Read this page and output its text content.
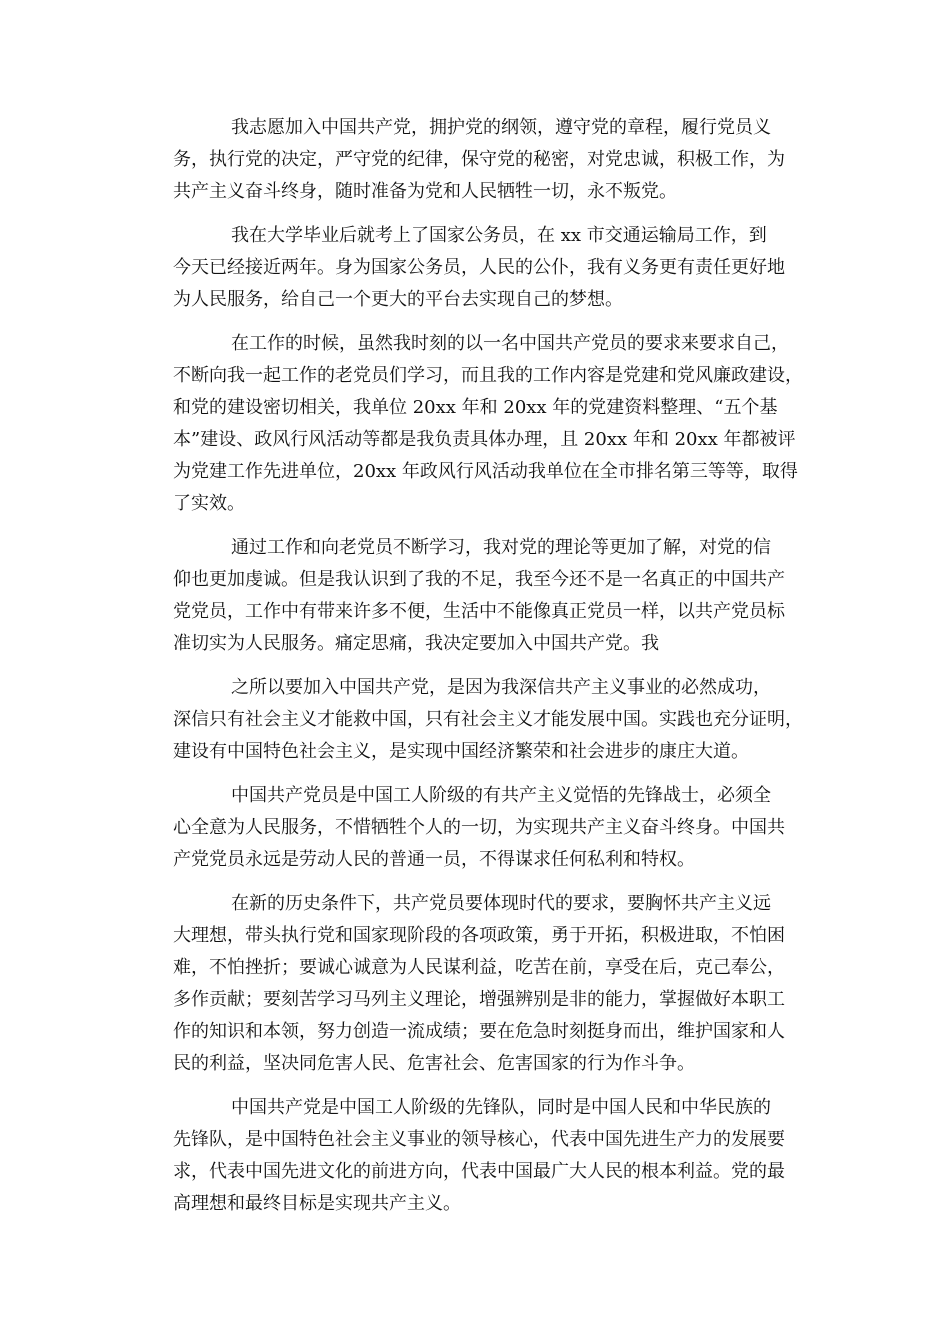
我志愿加入中国共产党，拥护党的纲领，遵守党的章程，履行党员义
务，执行党的决定，严守党的纪律，保守党的秘密，对党忠诚，积极工作，为
共产主义奋斗终身，随时准备为党和人民牺牲一切，永不叛党。

我在大学毕业后就考上了国家公务员，在 xx 市交通运输局工作，到
今天已经接近两年。身为国家公务员，人民的公仆，我有义务更有责任更好地
为人民服务，给自己一个更大的平台去实现自己的梦想。

在工作的时候，虽然我时刻的以一名中国共产党员的要求来要求自己，
不断向我一起工作的老党员们学习，而且我的工作内容是党建和党风廉政建设，
和党的建设密切相关，我单位 20xx 年和 20xx 年的党建资料整理、“五个基
本”建设、政风行风活动等都是我负责具体办理，且 20xx 年和 20xx 年都被评
为党建工作先进单位，20xx 年政风行风活动我单位在全市排名第三等等，取得
了实效。

通过工作和向老党员不断学习，我对党的理论等更加了解，对党的信
仰也更加虔诚。但是我认识到了我的不足，我至今还不是一名真正的中国共产
党党员，工作中有带来许多不便，生活中不能像真正党员一样，以共产党员标
准切实为人民服务。痛定思痛，我决定要加入中国共产党。我

之所以要加入中国共产党，是因为我深信共产主义事业的必然成功，
深信只有社会主义才能救中国，只有社会主义才能发展中国。实践也充分证明，
建设有中国特色社会主义，是实现中国经济繁荣和社会进步的康庄大道。

中国共产党员是中国工人阶级的有共产主义觉悟的先锋战士，必须全
心全意为人民服务，不惜牺牲个人的一切，为实现共产主义奋斗终身。中国共
产党党员永远是劳动人民的普通一员，不得谋求任何私利和特权。

在新的历史条件下，共产党员要体现时代的要求，要胸怀共产主义远
大理想，带头执行党和国家现阶段的各项政策，勇于开拓，积极进取，不怕困
难，不怕挫折；要诚心诚意为人民谋利益，吃苦在前，享受在后，克己奉公，
多作贡献；要刻苦学习马列主义理论，增强辨别是非的能力，掌握做好本职工
作的知识和本领，努力创造一流成绩；要在危急时刻挺身而出，维护国家和人
民的利益，坚决同危害人民、危害社会、危害国家的行为作斗争。

中国共产党是中国工人阶级的先锋队，同时是中国人民和中华民族的
先锋队，是中国特色社会主义事业的领导核心，代表中国先进生产力的发展要
求，代表中国先进文化的前进方向，代表中国最广大人民的根本利益。党的最
高理想和最终目标是实现共产主义。
